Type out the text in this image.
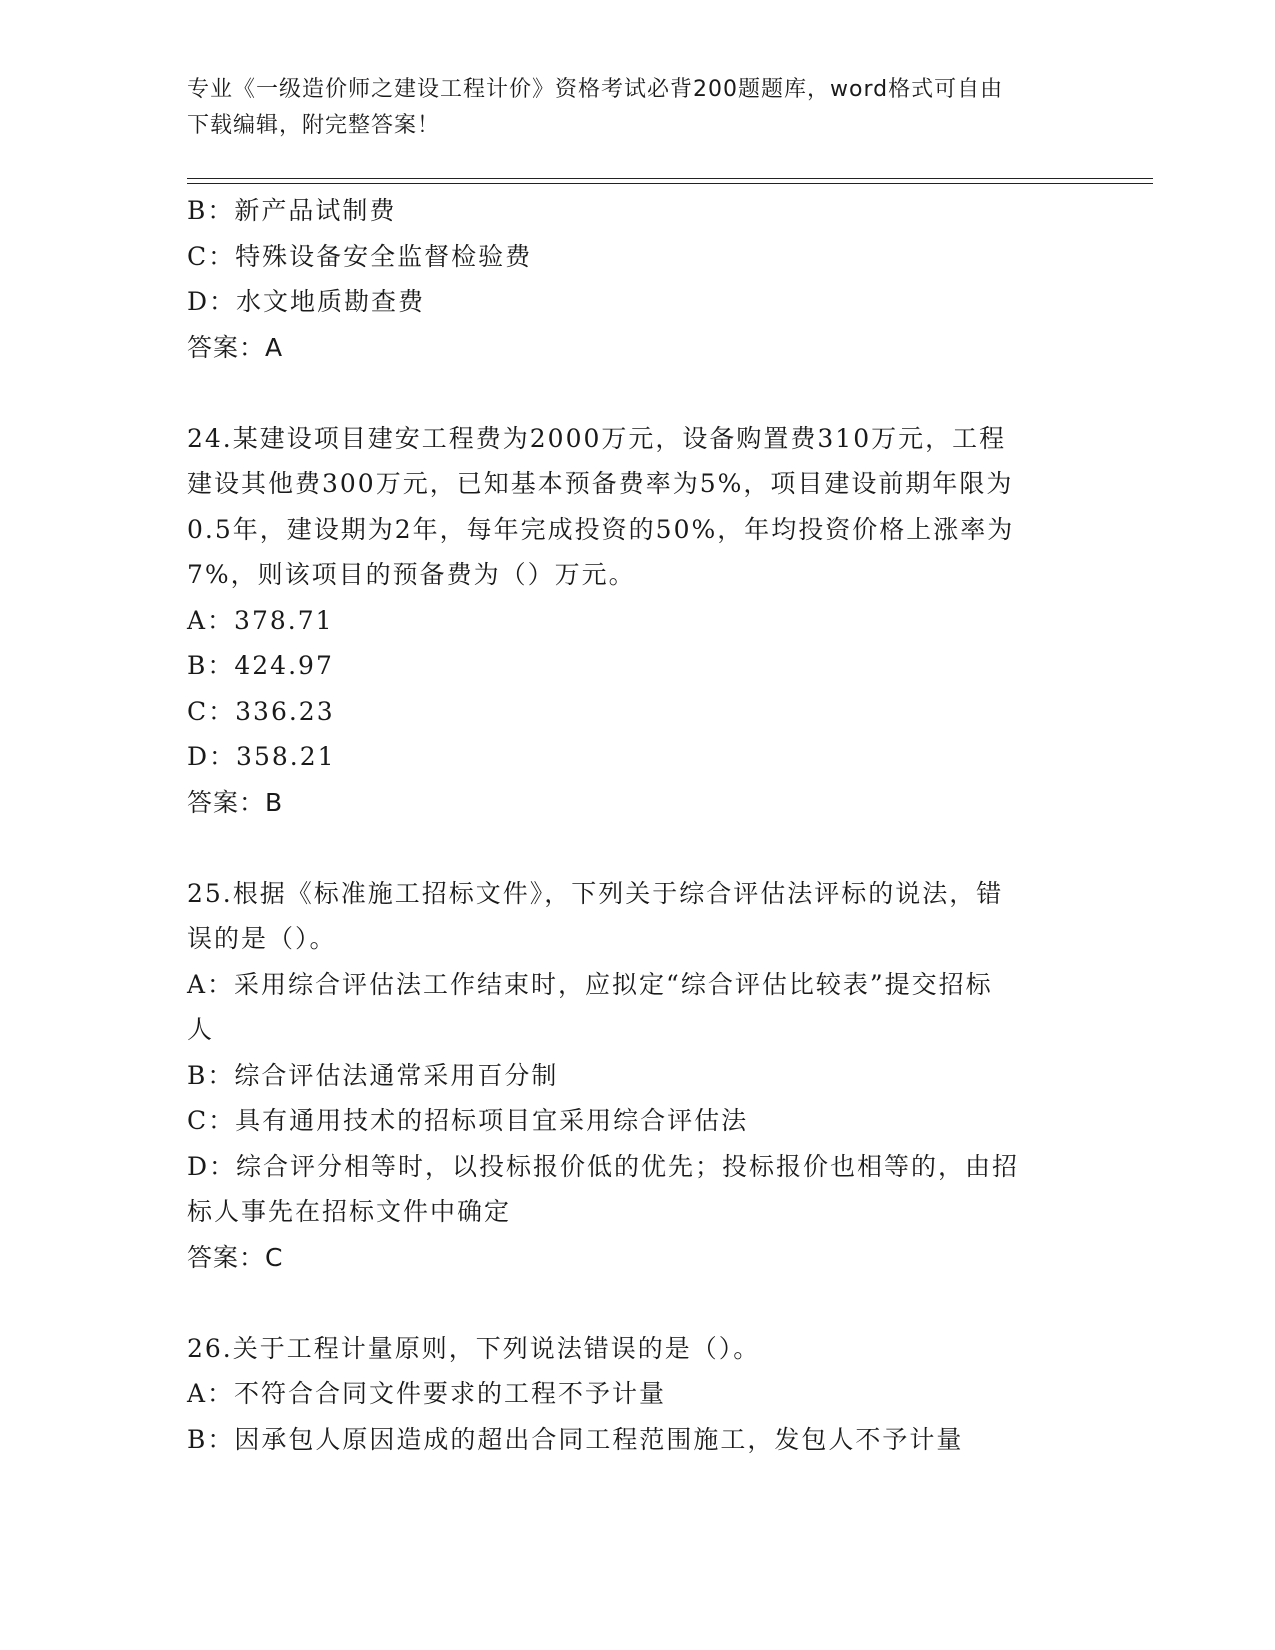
专业《一级造价师之建设工程计价》资格考试必背200题题库，word格式可自由
下载编辑，附完整答案！
B：新产品试制费
C：特殊设备安全监督检验费
D：水文地质勘查费
答案：A
24.某建设项目建安工程费为2000万元，设备购置费310万元，工程
建设其他费300万元，已知基本预备费率为5%，项目建设前期年限为
0.5年，建设期为2年，每年完成投资的50%，年均投资价格上涨率为
7%，则该项目的预备费为（）万元。
A：378.71
B：424.97
C：336.23
D：358.21
答案：B
25.根据《标准施工招标文件》，下列关于综合评估法评标的说法，错
误的是（）。
A：采用综合评估法工作结束时，应拟定“综合评估比较表”提交招标
人
B：综合评估法通常采用百分制
C：具有通用技术的招标项目宜采用综合评估法
D：综合评分相等时，以投标报价低的优先；投标报价也相等的，由招
标人事先在招标文件中确定
答案：C
26.关于工程计量原则，下列说法错误的是（）。
A：不符合合同文件要求的工程不予计量
B：因承包人原因造成的超出合同工程范围施工，发包人不予计量
